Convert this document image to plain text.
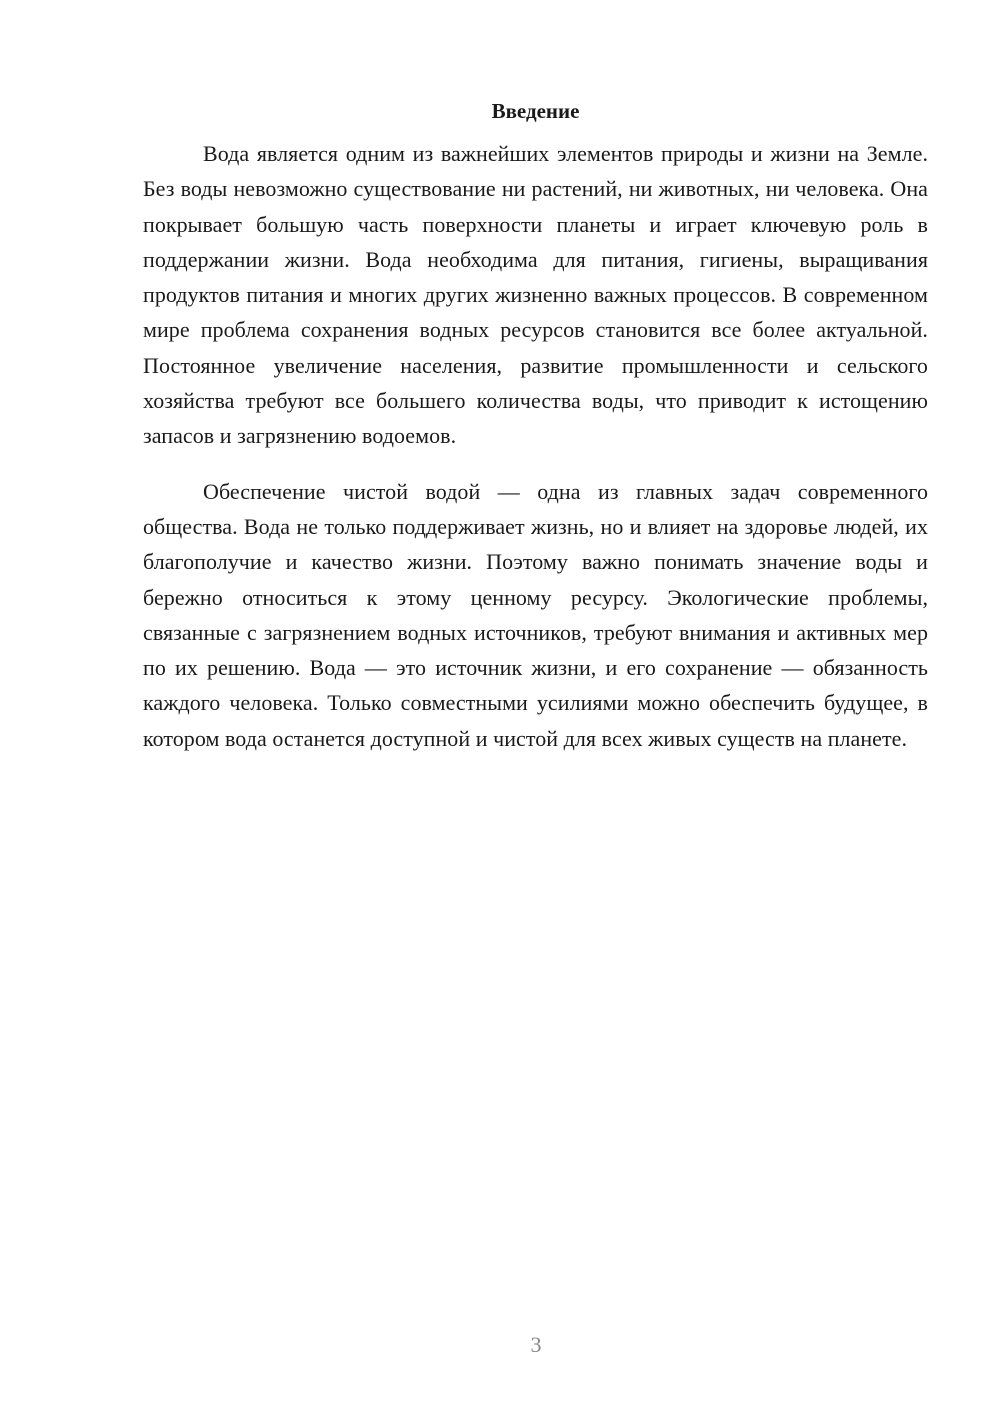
Введение

Вода является одним из важнейших элементов природы и жизни на Земле. Без воды невозможно существование ни растений, ни животных, ни человека. Она покрывает большую часть поверхности планеты и играет ключевую роль в поддержании жизни. Вода необходима для питания, гигиены, выращивания продуктов питания и многих других жизненно важных процессов. В современном мире проблема сохранения водных ресурсов становится все более актуальной. Постоянное увеличение населения, развитие промышленности и сельского хозяйства требуют все большего количества воды, что приводит к истощению запасов и загрязнению водоемов.

Обеспечение чистой водой — одна из главных задач современного общества. Вода не только поддерживает жизнь, но и влияет на здоровье людей, их благополучие и качество жизни. Поэтому важно понимать значение воды и бережно относиться к этому ценному ресурсу. Экологические проблемы, связанные с загрязнением водных источников, требуют внимания и активных мер по их решению. Вода — это источник жизни, и его сохранение — обязанность каждого человека. Только совместными усилиями можно обеспечить будущее, в котором вода останется доступной и чистой для всех живых существ на планете.

3
